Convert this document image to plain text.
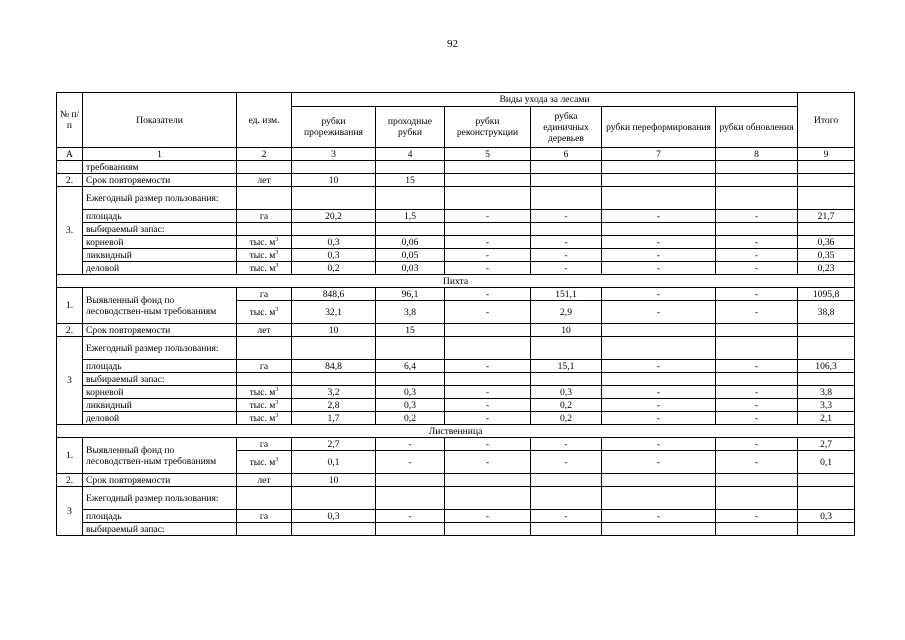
92
№ п/п	Показатели	ед. изм.	Виды ухода за лесами						Итого
			рубки прореживания	проходные рубки	рубки реконструкции	рубка единичных деревьев	рубки переформирования	рубки обновления	
А	1	2	3	4	5	6	7	8	9
	требованиям								
2.	Срок повторяемости	лет	10	15					
3.	Ежегодный размер пользования:								
	площадь	га	20,2	1,5	-	-	-	-	21,7
	выбираемый запас:								
	корневой	тыс. $м^3$	0,3	0,06	-	-	-	-	0,36
	ликвидный	тыс. $м^3$	0,3	0,05	-	-	-	-	0,35
	деловой	тыс. $м^3$	0,2	0,03	-	-	-	-	0,23
Пихта									
1.	Выявленный фонд по лесоводствен-ным требованиям	га	848,6	96,1	-	151,1	-	-	1095,8
		тыс. $м^3$	32,1	3,8	-	2,9	-	-	38,8

2.	Срок повторяемости	лет	10	15		10			
3	Ежегодный размер пользования:								
	площадь	га	84,8	6,4	-	15,1	-	-	106,3
	выбираемый запас:								
	корневой	тыс. $м^3$	3,2	0,3	-	0,3	-	-	3,8
	ликвидный	тыс. $м^3$	2,8	0,3	-	0,2	-	-	3,3
	деловой	тыс. $м^3$	1,7	0,2	-	0,2	-	-	2,1
Лиственница									
1.	Выявленный фонд по лесоводствен-ным требованиям	га	2,7	-	-	-	-	-	2,7
		тыс. $м^3$	0,1	-	-	-	-	-	0,1

2.	Срок повторяемости	лет	10						
3	Ежегодный размер пользования:								
	площадь	га	0,3	-	-	-	-	-	0,3
	выбираемый запас:								
